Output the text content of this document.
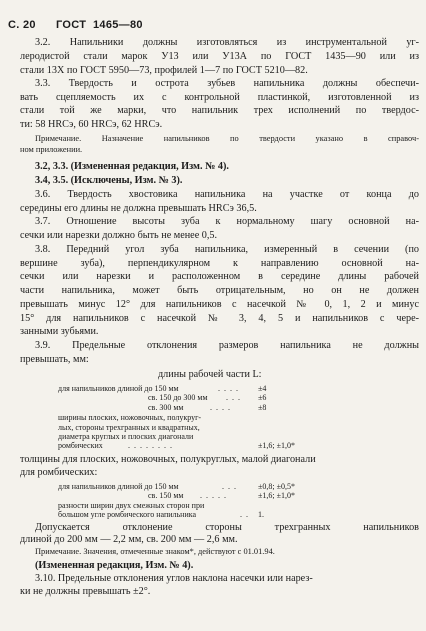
С. 20 ГОСТ 1465—80
3.2. Напильники должны изготовляться из инструментальной уг-
леродистой стали марок У13 или У13А по ГОСТ 1435—90 или из
стали 13Х по ГОСТ 5950—73, профилей 1—7 по ГОСТ 5210—82.
3.3. Твердость и острота зубьев напильника должны обеспечи-
вать сцепляемость их с контрольной пластинкой, изготовленной из
стали той же марки, что напильник трех исполнений по твердос-
ти: 58 HRCэ, 60 HRCэ, 62 HRCэ.
Примечание. Назначение напильников по твердости указано в справоч-
ном приложении.
3.2, 3.3. (Измененная редакция, Изм. № 4).
3.4, 3.5. (Исключены, Изм. № 3).
3.6. Твердость хвостовика напильника на участке от конца до
середины его длины не должна превышать HRCэ 36,5.
3.7. Отношение высоты зуба к нормальному шагу основной на-
сечки или нарезки должно быть не менее 0,5.
3.8. Передний угол зуба напильника, измеренный в сечении (по
вершине зуба), перпендикулярном к направлению основной на-
сечки или нарезки и расположенном в середине длины рабочей
части напильника, может быть отрицательным, но он не должен
превышать минус 12° для напильников с насечкой № 0, 1, 2 и минус
15° для напильников с насечкой № 3, 4, 5 и напильников с чере-
занными зубьями.
3.9. Предельные отклонения размеров напильника не должны
превышать, мм:
длины рабочей части L:
для напильников длиной до 150 мм	. . . . ±4
св. 150 до 300 мм . . . ±6
св. 300 мм	. . . .	±8
ширины плоских, ножовочных, полукруг-
лых, стороны трехгранных и квадратных,
диаметра круглых и плоских диагонали
ромбических	. . . . . . . .	±1,6; ±1,0*
толщины для плоских, ножовочных, полукруглых, малой диагонали
для ромбических:
для напильников длиной до 150 мм	. . .	±0,8; ±0,5*
св. 150 мм . . . . .	±1,6; ±1,0*
разности ширин двух смежных сторон при
большом угле ромбического напильника	. . 1.
Допускается отклонение стороны трехгранных напильников
длиной до 200 мм — 2,2 мм, св. 200 мм — 2,6 мм.
Примечание. Значения, отмеченные знаком*, действуют с 01.01.94.
(Измененная редакция, Изм. № 4).
3.10. Предельные отклонения углов наклона насечки или нарез-
ки не должны превышать ±2°.
